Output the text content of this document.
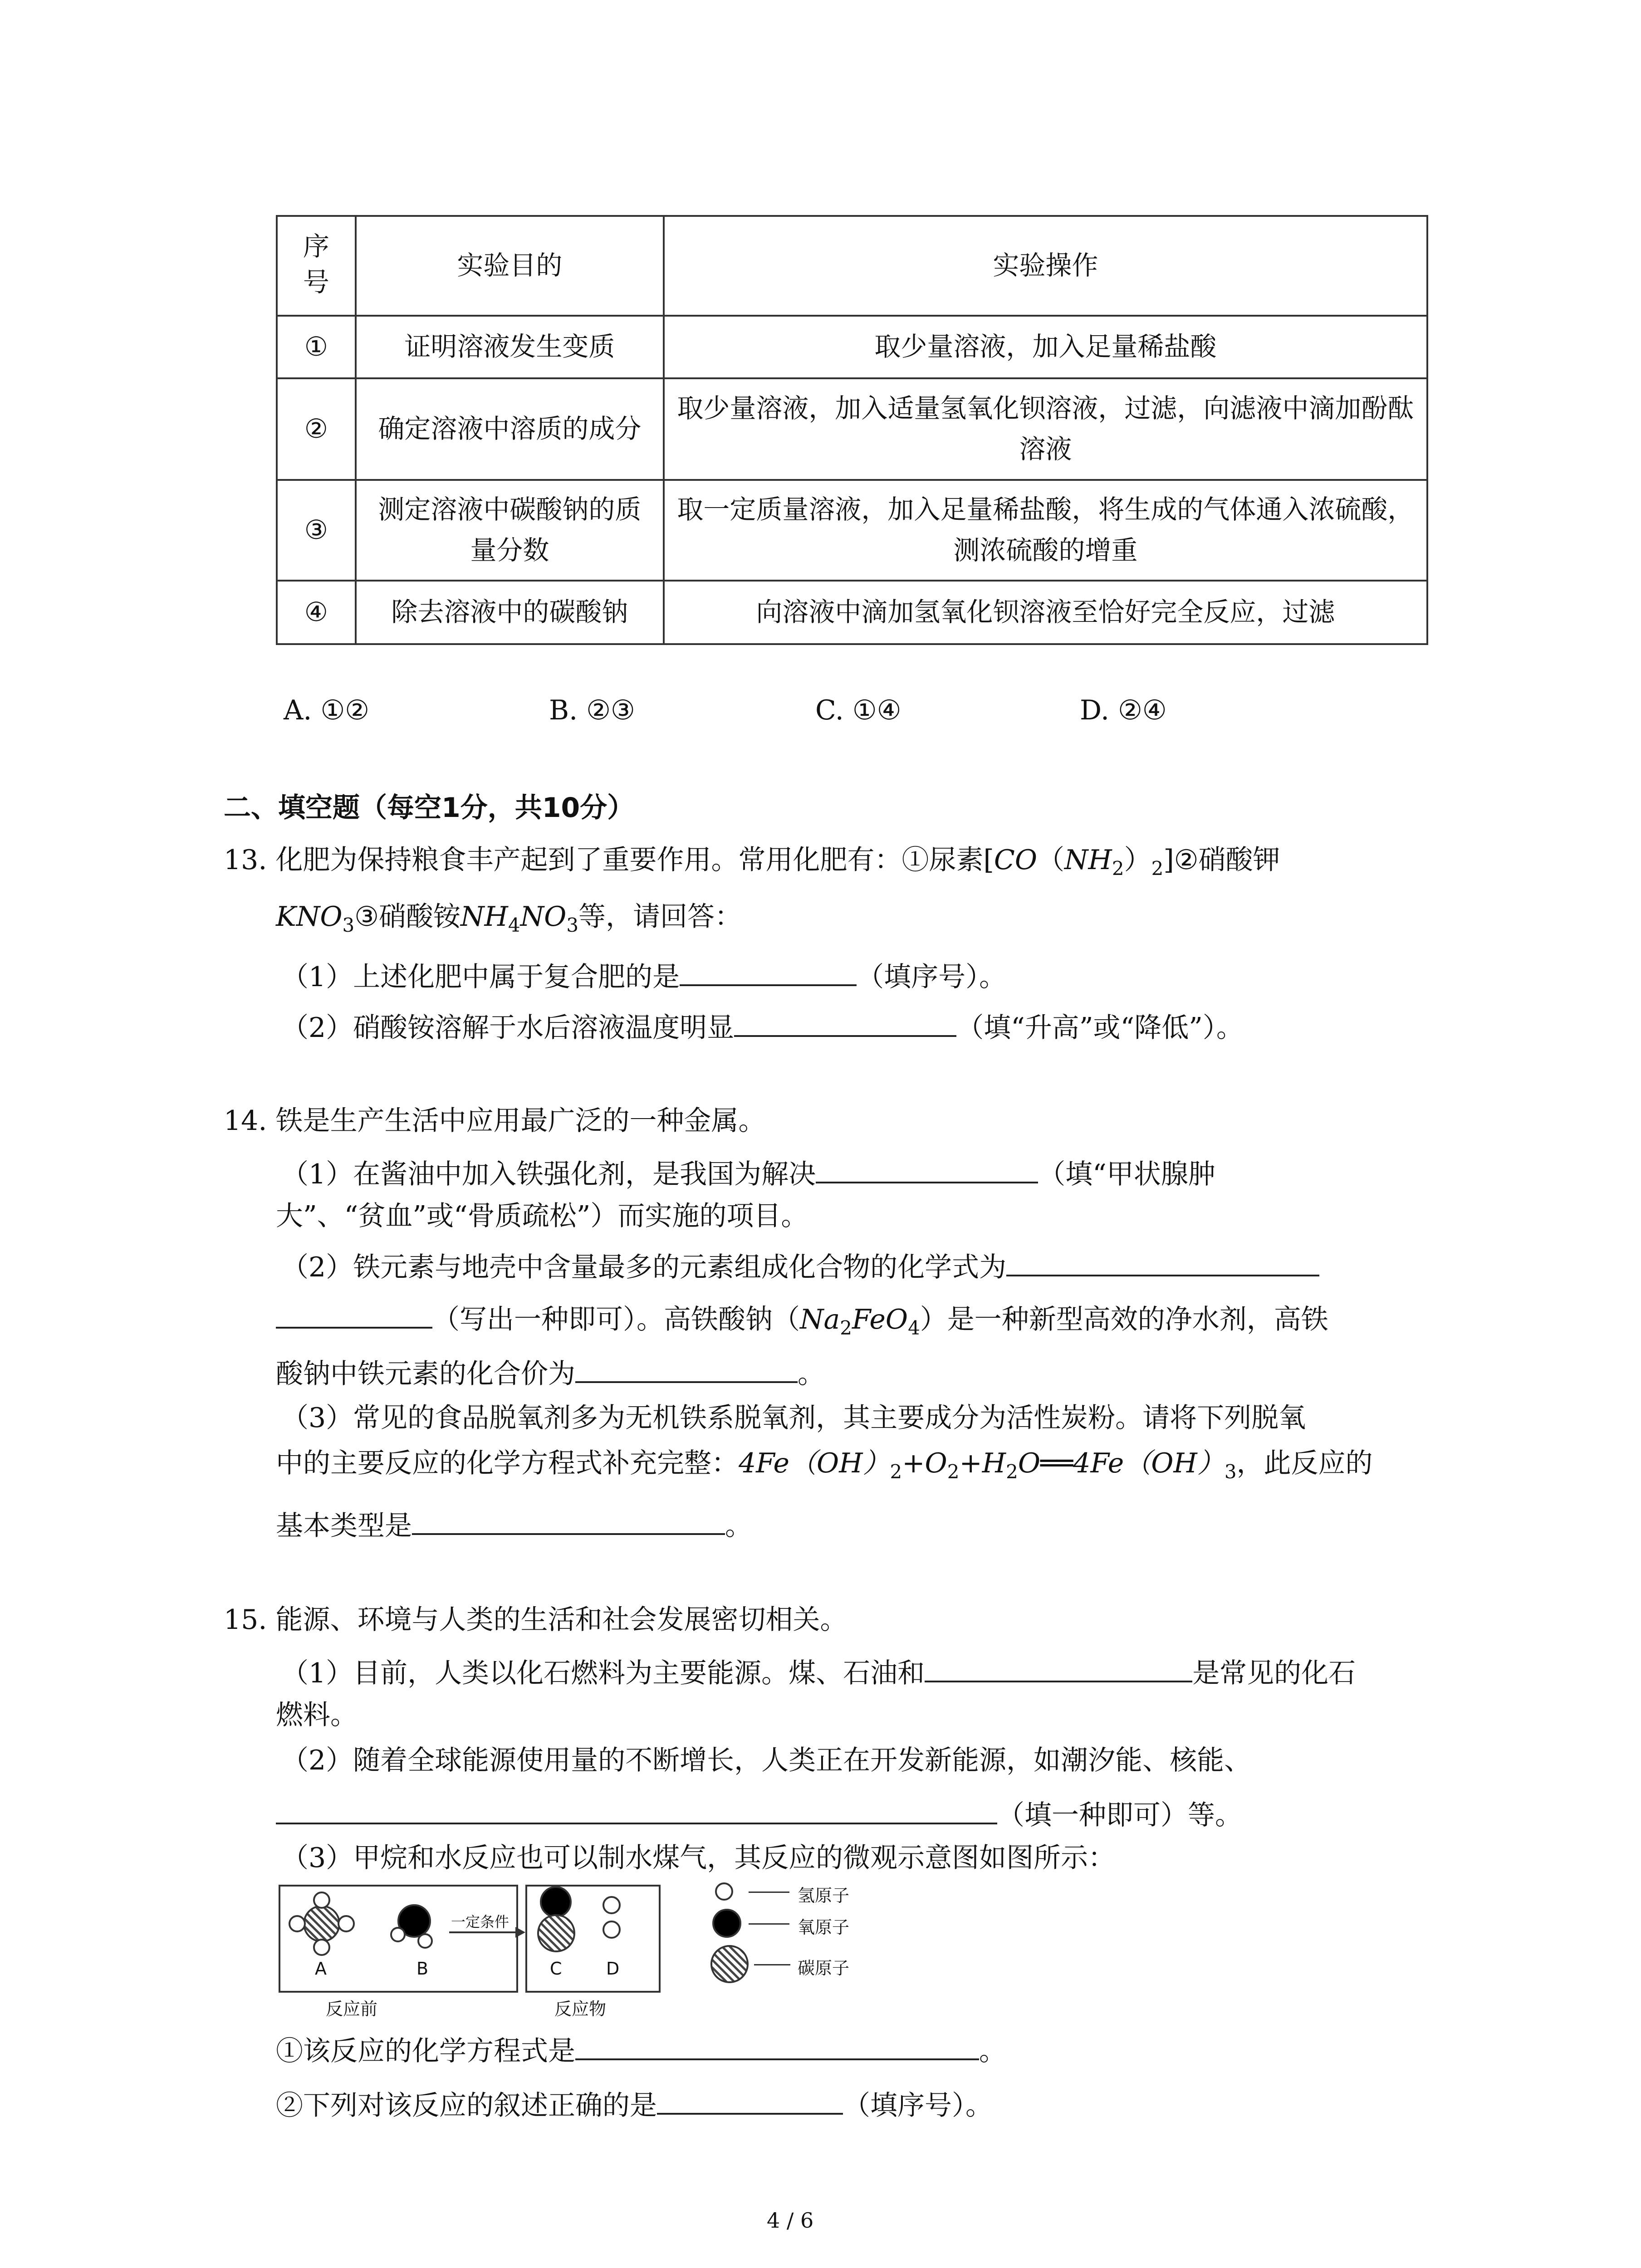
序号	实验目的	实验操作
①	证明溶液发生变质	取少量溶液，加入足量稀盐酸
②	确定溶液中溶质的成分	取少量溶液，加入适量氢氧化钡溶液，过滤，向滤液中滴加酚酞溶液
③	测定溶液中碳酸钠的质量分数	取一定质量溶液，加入足量稀盐酸，将生成的气体通入浓硫酸，测浓硫酸的增重
④	除去溶液中的碳酸钠	向溶液中滴加氢氧化钡溶液至恰好完全反应，过滤
A. ①②	B. ②③	C. ①④	D. ②④
二、填空题（每空1分，共10分）
13. 化肥为保持粮食丰产起到了重要作用。常用化肥有：①尿素$[CO(NH_2)_2]②$硝酸钾
$KNO_3③$硝酸铵$NH_4NO_3$等，请回答：
（1）上述化肥中属于复合肥的是	（填序号）。
（2）硝酸铵溶解于水后溶液温度明显	（填“升高”或“降低”）。
14. 铁是生产生活中应用最广泛的一种金属。
（1）在酱油中加入铁强化剂，是我国为解决	（填“甲状腺肿
大”、“贫血”或“骨质疏松”）而实施的项目。
（2）铁元素与地壳中含量最多的元素组成化合物的化学式为
（写出一种即可）。高铁酸钠$(Na_2FeO_4)$是一种新型高效的净水剂，高铁
酸钠中铁元素的化合价为	。
（3）常见的食品脱氧剂多为无机铁系脱氧剂，其主要成分为活性炭粉。请将下列脱氧
中的主要反应的化学方程式补充完整：$4Fe(OH)_2+O_2+H_2O══4Fe(OH)_3$，此反应的
基本类型是	。
15. 能源、环境与人类的生活和社会发展密切相关。
（1）目前，人类以化石燃料为主要能源。煤、石油和	是常见的化石
燃料。
（2）随着全球能源使用量的不断增长，人类正在开发新能源，如潮汐能、核能、
（填一种即可）等。
（3）甲烷和水反应也可以制水煤气，其反应的微观示意图如图所示：
A	B
反应前
一定条件
C	D
反应物
氢原子
氧原子
碳原子
①该反应的化学方程式是	。
②下列对该反应的叙述正确的是	（填序号）。
4 / 6
